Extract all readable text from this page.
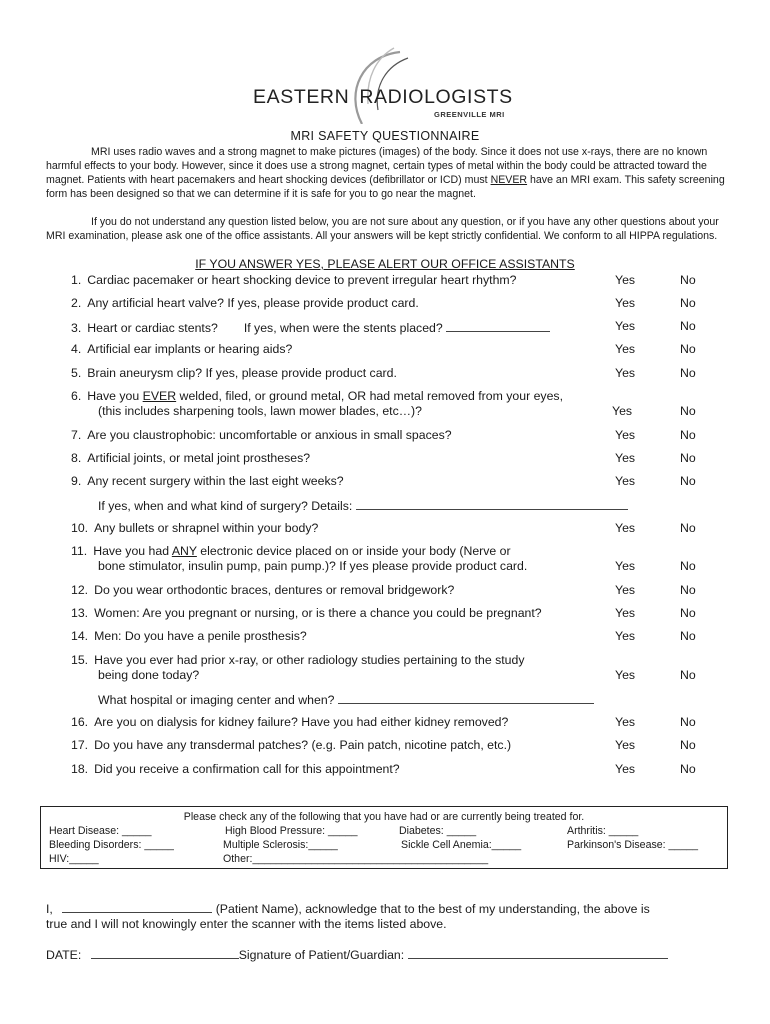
EASTERN RADIOLOGISTS
GREENVILLE MRI
MRI SAFETY QUESTIONNAIRE

MRI uses radio waves and a strong magnet to make pictures (images) of the body. Since it does not use x-rays, there are no known harmful effects to your body. However, since it does use a strong magnet, certain types of metal within the body could be attracted toward the magnet. Patients with heart pacemakers and heart shocking devices (defibrillator or ICD) must NEVER have an MRI exam. This safety screening form has been designed so that we can determine if it is safe for you to go near the magnet.

If you do not understand any question listed below, you are not sure about any question, or if you have any other questions about your MRI examination, please ask one of the office assistants. All your answers will be kept strictly confidential. We conform to all HIPPA regulations.

IF YOU ANSWER YES, PLEASE ALERT OUR OFFICE ASSISTANTS
1. Cardiac pacemaker or heart shocking device to prevent irregular heart rhythm?	Yes	No
2. Any artificial heart valve? If yes, please provide product card.	Yes	No
3. Heart or cardiac stents? If yes, when were the stents placed?	Yes	No
4. Artificial ear implants or hearing aids?	Yes	No
5. Brain aneurysm clip? If yes, please provide product card.	Yes	No
6. Have you EVER welded, filed, or ground metal, OR had metal removed from your eyes,
(this includes sharpening tools, lawn mower blades, etc…)?	Yes	No
7. Are you claustrophobic: uncomfortable or anxious in small spaces?	Yes	No
8. Artificial joints, or metal joint prostheses?	Yes	No
9. Any recent surgery within the last eight weeks?	Yes	No
If yes, when and what kind of surgery? Details:
10. Any bullets or shrapnel within your body?	Yes	No
11. Have you had ANY electronic device placed on or inside your body (Nerve or
bone stimulator, insulin pump, pain pump.)? If yes please provide product card.	Yes	No
12. Do you wear orthodontic braces, dentures or removal bridgework?	Yes	No
13. Women: Are you pregnant or nursing, or is there a chance you could be pregnant?	Yes	No
14. Men: Do you have a penile prosthesis?	Yes	No
15. Have you ever had prior x-ray, or other radiology studies pertaining to the study
being done today?	Yes	No
What hospital or imaging center and when?
16. Are you on dialysis for kidney failure? Have you had either kidney removed?	Yes	No
17. Do you have any transdermal patches? (e.g. Pain patch, nicotine patch, etc.)	Yes	No
18. Did you receive a confirmation call for this appointment?	Yes	No
Please check any of the following that you have had or are currently being treated for.
Heart Disease: _____	High Blood Pressure: _____	Diabetes: _____	Arthritis: _____
Bleeding Disorders: _____	Multiple Sclerosis:_____	Sickle Cell Anemia:_____	Parkinson's Disease: _____
HIV:_____	Other:________________________________________
I,	(Patient Name), acknowledge that to the best of my understanding, the above is
true and I will not knowingly enter the scanner with the items listed above.
DATE:	Signature of Patient/Guardian:
